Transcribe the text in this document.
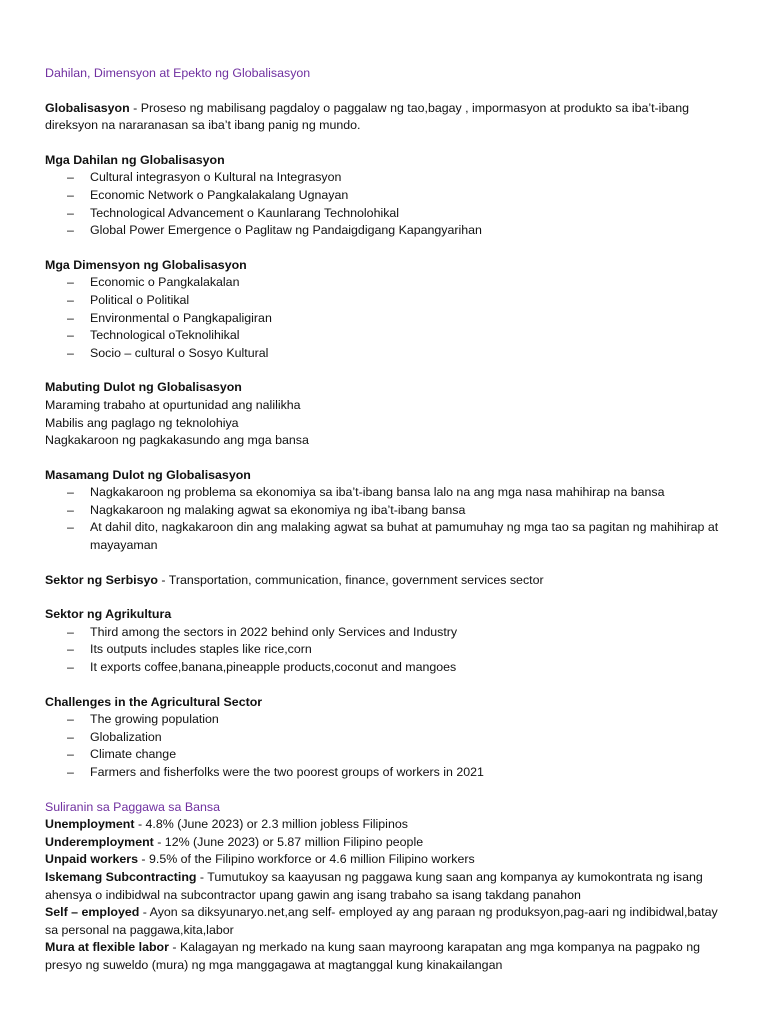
Dahilan, Dimensyon at Epekto ng Globalisasyon

Globalisasyon - Proseso ng mabilisang pagdaloy o paggalaw ng tao,bagay , impormasyon at produkto sa iba’t-ibang direksyon na nararanasan sa iba’t ibang panig ng mundo.

Mga Dahilan ng Globalisasyon

– Cultural integrasyon o Kultural na Integrasyon
– Economic Network o Pangkalakalang Ugnayan
– Technological Advancement o Kaunlarang Technolohikal
– Global Power Emergence o Paglitaw ng Pandaigdigang Kapangyarihan

Mga Dimensyon ng Globalisasyon

– Economic o Pangkalakalan
– Political o Politikal
– Environmental o Pangkapaligiran
– Technological oTeknolihikal
– Socio – cultural o Sosyo Kultural

Mabuting Dulot ng Globalisasyon

Maraming trabaho at opurtunidad ang nalilikha

Mabilis ang paglago ng teknolohiya

Nagkakaroon ng pagkakasundo ang mga bansa

Masamang Dulot ng Globalisasyon

– Nagkakaroon ng problema sa ekonomiya sa iba’t-ibang bansa lalo na ang mga nasa mahihirap na bansa
– Nagkakaroon ng malaking agwat sa ekonomiya ng iba’t-ibang bansa
– At dahil dito, nagkakaroon din ang malaking agwat sa buhat at pamumuhay ng mga tao sa pagitan ng mahihirap at mayayaman

Sektor ng Serbisyo - Transportation, communication, finance, government services sector

Sektor ng Agrikultura

– Third among the sectors in 2022 behind only Services and Industry
– Its outputs includes staples like rice,corn
– It exports coffee,banana,pineapple products,coconut and mangoes

Challenges in the Agricultural Sector

– The growing population
– Globalization
– Climate change
– Farmers and fisherfolks were the two poorest groups of workers in 2021

Suliranin sa Paggawa sa Bansa

Unemployment - 4.8% (June 2023) or 2.3 million jobless Filipinos

Underemployment - 12% (June 2023) or 5.87 million Filipino people

Unpaid workers - 9.5% of the Filipino workforce or 4.6 million Filipino workers

Iskemang Subcontracting - Tumutukoy sa kaayusan ng paggawa kung saan ang kompanya ay kumokontrata ng isang ahensya o indibidwal na subcontractor upang gawin ang isang trabaho sa isang takdang panahon

Self – employed - Ayon sa diksyunaryo.net,ang self- employed ay ang paraan ng produksyon,pag-aari ng indibidwal,batay sa personal na paggawa,kita,labor

Mura at flexible labor - Kalagayan ng merkado na kung saan mayroong karapatan ang mga kompanya na pagpako ng presyo ng suweldo (mura) ng mga manggagawa at magtanggal kung kinakailangan
